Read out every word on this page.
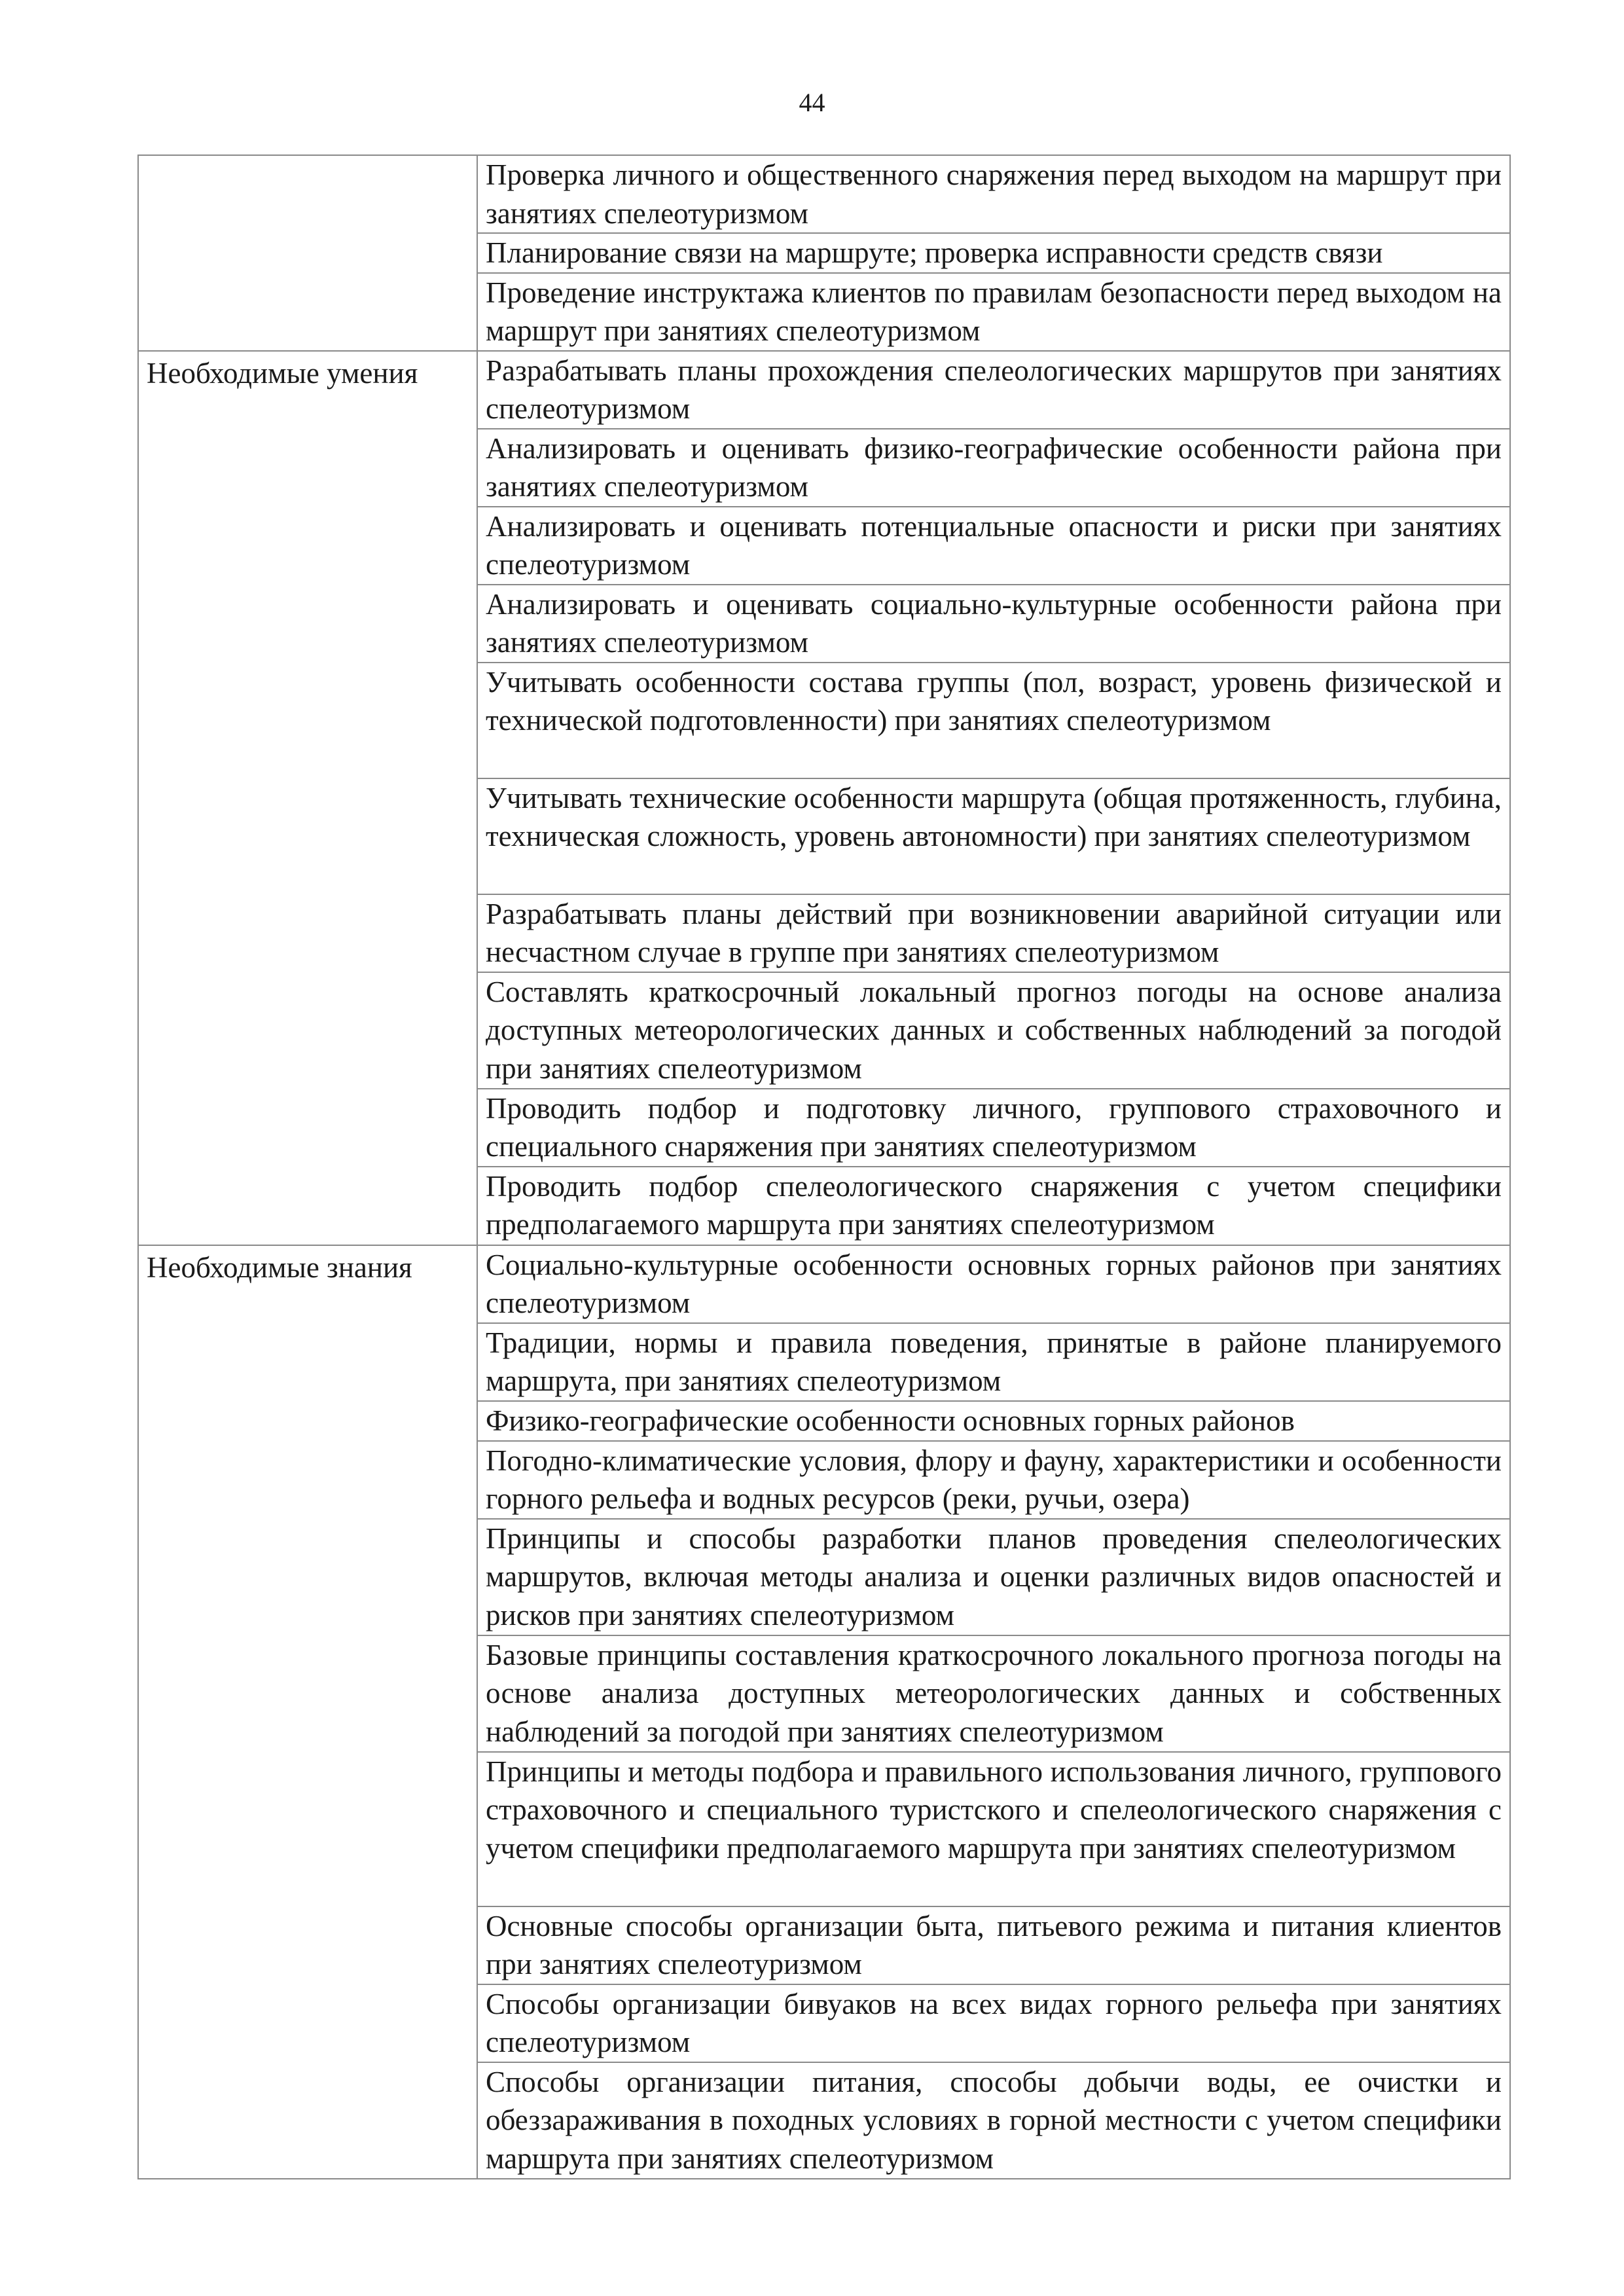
44

	Проверка личного и общественного снаряжения перед выходом на маршрут при занятиях спелеотуризмом

	Планирование связи на маршруте; проверка исправности средств связи

	Проведение инструктажа клиентов по правилам безопасности перед выходом на маршрут при занятиях спелеотуризмом

Необходимые умения	Разрабатывать планы прохождения спелеологических маршрутов при занятиях спелеотуризмом

	Анализировать и оценивать физико-географические особенности района при занятиях спелеотуризмом

	Анализировать и оценивать потенциальные опасности и риски при занятиях спелеотуризмом

	Анализировать и оценивать социально-культурные особенности района при занятиях спелеотуризмом

	Учитывать особенности состава группы (пол, возраст, уровень физической и технической подготовленности) при занятиях спелеотуризмом

	Учитывать технические особенности маршрута (общая протяженность, глубина, техническая сложность, уровень автономности) при занятиях спелеотуризмом

	Разрабатывать планы действий при возникновении аварийной ситуации или несчастном случае в группе при занятиях спелеотуризмом

	Составлять краткосрочный локальный прогноз погоды на основе анализа доступных метеорологических данных и собственных наблюдений за погодой при занятиях спелеотуризмом

	Проводить подбор и подготовку личного, группового страховочного и специального снаряжения при занятиях спелеотуризмом

	Проводить подбор спелеологического снаряжения с учетом специфики предполагаемого маршрута при занятиях спелеотуризмом

Необходимые знания	Социально-культурные особенности основных горных районов при занятиях спелеотуризмом

	Традиции, нормы и правила поведения, принятые в районе планируемого маршрута, при занятиях спелеотуризмом

	Физико-географические особенности основных горных районов

	Погодно-климатические условия, флору и фауну, характеристики и особенности горного рельефа и водных ресурсов (реки, ручьи, озера)

	Принципы и способы разработки планов проведения спелеологических маршрутов, включая методы анализа и оценки различных видов опасностей и рисков при занятиях спелеотуризмом

	Базовые принципы составления краткосрочного локального прогноза погоды на основе анализа доступных метеорологических данных и собственных наблюдений за погодой при занятиях спелеотуризмом

	Принципы и методы подбора и правильного использования личного, группового страховочного и специального туристского и спелеологического снаряжения с учетом специфики предполагаемого маршрута при занятиях спелеотуризмом

	Основные способы организации быта, питьевого режима и питания клиентов при занятиях спелеотуризмом

	Способы организации бивуаков на всех видах горного рельефа при занятиях спелеотуризмом

	Способы организации питания, способы добычи воды, ее очистки и обеззараживания в походных условиях в горной местности с учетом специфики маршрута при занятиях спелеотуризмом
